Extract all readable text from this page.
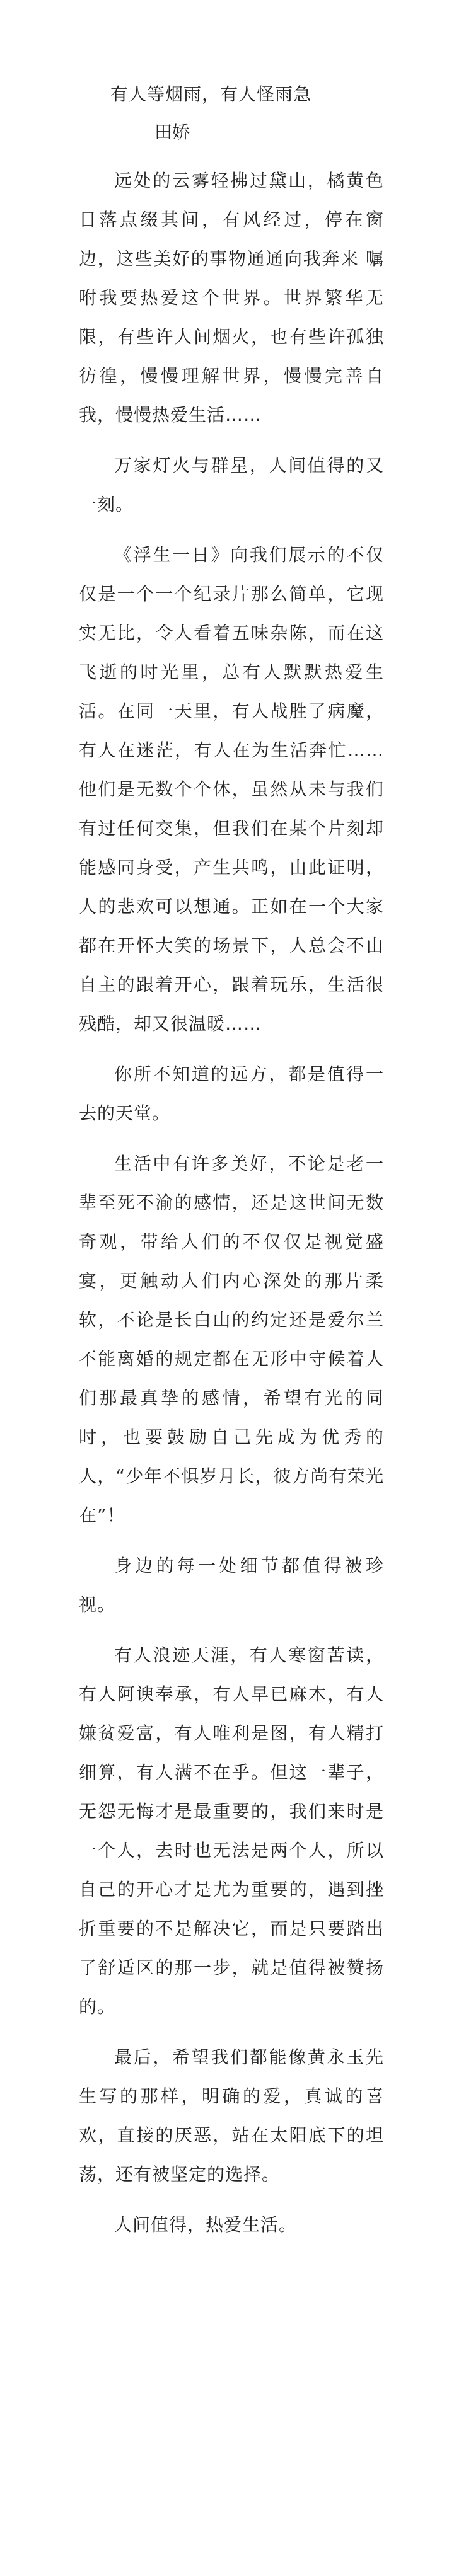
有人等烟雨，有人怪雨急
田娇

远处的云雾轻拂过黛山，橘黄色日落点缀其间，有风经过，停在窗边，这些美好的事物通通向我奔来 嘱咐我要热爱这个世界。世界繁华无限，有些许人间烟火，也有些许孤独彷徨，慢慢理解世界，慢慢完善自我，慢慢热爱生活……

万家灯火与群星，人间值得的又一刻。

《浮生一日》向我们展示的不仅仅是一个一个纪录片那么简单，它现实无比，令人看着五味杂陈，而在这飞逝的时光里，总有人默默热爱生活。在同一天里，有人战胜了病魔，有人在迷茫，有人在为生活奔忙……他们是无数个个体，虽然从未与我们有过任何交集，但我们在某个片刻却能感同身受，产生共鸣，由此证明，人的悲欢可以想通。正如在一个大家都在开怀大笑的场景下，人总会不由自主的跟着开心，跟着玩乐，生活很残酷，却又很温暖……

你所不知道的远方，都是值得一去的天堂。

生活中有许多美好，不论是老一辈至死不渝的感情，还是这世间无数奇观，带给人们的不仅仅是视觉盛宴，更触动人们内心深处的那片柔软，不论是长白山的约定还是爱尔兰不能离婚的规定都在无形中守候着人们那最真挚的感情，希望有光的同时，也要鼓励自己先成为优秀的人，“少年不惧岁月长，彼方尚有荣光在”！

身边的每一处细节都值得被珍视。

有人浪迹天涯，有人寒窗苦读，有人阿谀奉承，有人早已麻木，有人嫌贫爱富，有人唯利是图，有人精打细算，有人满不在乎。但这一辈子，无怨无悔才是最重要的，我们来时是一个人，去时也无法是两个人，所以自己的开心才是尤为重要的，遇到挫折重要的不是解决它，而是只要踏出了舒适区的那一步，就是值得被赞扬的。

最后，希望我们都能像黄永玉先生写的那样，明确的爱，真诚的喜欢，直接的厌恶，站在太阳底下的坦荡，还有被坚定的选择。

人间值得，热爱生活。
